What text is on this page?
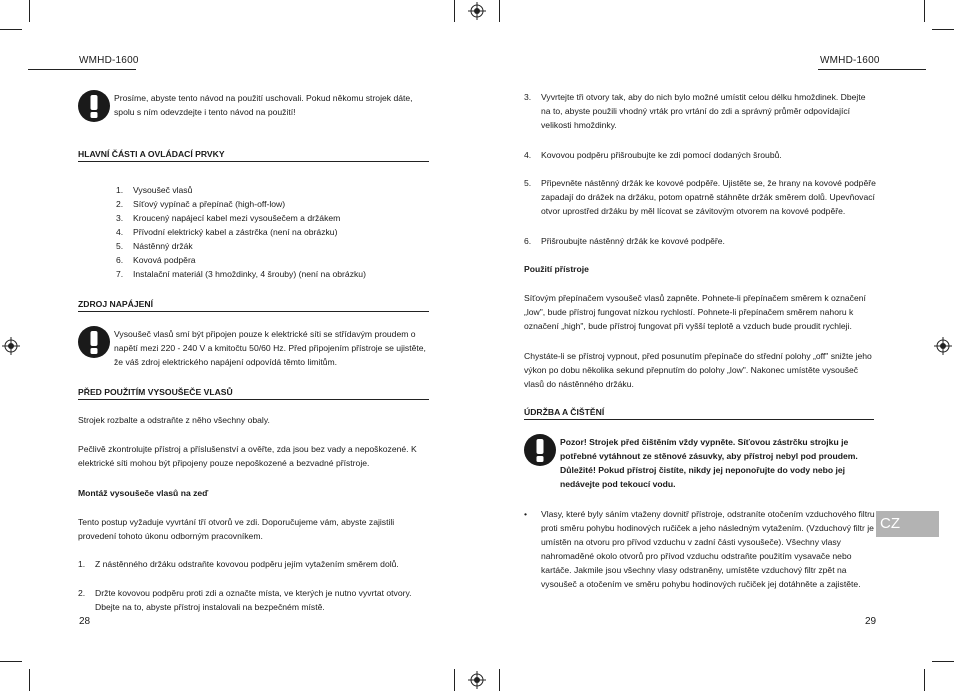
WMHD-1600	WMHD-1600
Prosíme, abyste tento návod na použití uschovali. Pokud někomu strojek dáte, spolu s ním odevzdejte i tento návod na použití!
HLAVNÍ ČÁSTI A OVLÁDACÍ PRVKY
1.	Vysoušeč vlasů
2.	Síťový vypínač a přepínač (high-off-low)
3.	Kroucený napájecí kabel mezi vysoušečem a držákem
4.	Přívodní elektrický kabel a zástrčka (není na obrázku)
5.	Nástěnný držák
6.	Kovová podpěra
7.	Instalační materiál (3 hmoždinky, 4 šrouby) (není na obrázku)
ZDROJ NAPÁJENÍ
Vysoušeč vlasů smí být připojen pouze k elektrické síti se střídavým proudem o napětí mezi 220 - 240 V a kmitočtu 50/60 Hz. Před připojením přístroje se ujistěte, že váš zdroj elektrického napájení odpovídá těmto limitům.
PŘED POUŽITÍM VYSOUŠEČE VLASŮ
Strojek rozbalte a odstraňte z něho všechny obaly.
Pečlivě zkontrolujte přístroj a příslušenství a ověřte, zda jsou bez vady a nepoškozené. K elektrické síti mohou být připojeny pouze nepoškozené a bezvadné přístroje.
Montáž vysoušeče vlasů na zeď
Tento postup vyžaduje vyvrtání tří otvorů ve zdi. Doporučujeme vám, abyste zajistili provedení tohoto úkonu odborným pracovníkem.
1. Z nástěnného držáku odstraňte kovovou podpěru jejím vytažením směrem dolů.
2. Držte kovovou podpěru proti zdi a označte místa, ve kterých je nutno vyvrtat otvory. Dbejte na to, abyste přístroj instalovali na bezpečném místě.
28
3. Vyvrtejte tři otvory tak, aby do nich bylo možné umístit celou délku hmoždinek. Dbejte na to, abyste použili vhodný vrták pro vrtání do zdi a správný průměr odpovídající velikosti hmoždinky.
4. Kovovou podpěru přišroubujte ke zdi pomocí dodaných šroubů.
5. Připevněte nástěnný držák ke kovové podpěře. Ujistěte se, že hrany na kovové podpěře zapadají do drážek na držáku, potom opatrně stáhněte držák směrem dolů. Upevňovací otvor uprostřed držáku by měl lícovat se závitovým otvorem na kovové podpěře.
6. Přišroubujte nástěnný držák ke kovové podpěře.
Použití přístroje
Síťovým přepínačem vysoušeč vlasů zapněte. Pohnete-li přepínačem směrem k označení „low", bude přístroj fungovat nízkou rychlostí. Pohnete-li přepínačem směrem nahoru k označení „high", bude přístroj fungovat při vyšší teplotě a vzduch bude proudit rychleji.
Chystáte-li se přístroj vypnout, před posunutím přepínače do střední polohy „off" snižte jeho výkon po dobu několika sekund přepnutím do polohy „low". Nakonec umístěte vysoušeč vlasů do nástěnného držáku.
ÚDRŽBA A ČIŠTĚNÍ
Pozor! Strojek před čištěním vždy vypněte. Síťovou zástrčku strojku je potřebné vytáhnout ze stěnové zásuvky, aby přístroj nebyl pod proudem. Důležité! Pokud přístroj čistíte, nikdy jej neponořujte do vody nebo jej nedávejte pod tekoucí vodu.
• Vlasy, které byly sáním vtaženy dovnitř přístroje, odstraníte otočením vzduchového filtru proti směru pohybu hodinových ručiček a jeho následným vytažením. (Vzduchový filtr je umístěn na otvoru pro přívod vzduchu v zadní části vysoušeče). Všechny vlasy nahromaděné okolo otvorů pro přívod vzduchu odstraňte použitím vysavače nebo kartáče. Jakmile jsou všechny vlasy odstraněny, umístěte vzduchový filtr zpět na vysoušeč a otočením ve směru pohybu hodinových ručiček jej dotáhněte a zajistěte.
CZ
29
